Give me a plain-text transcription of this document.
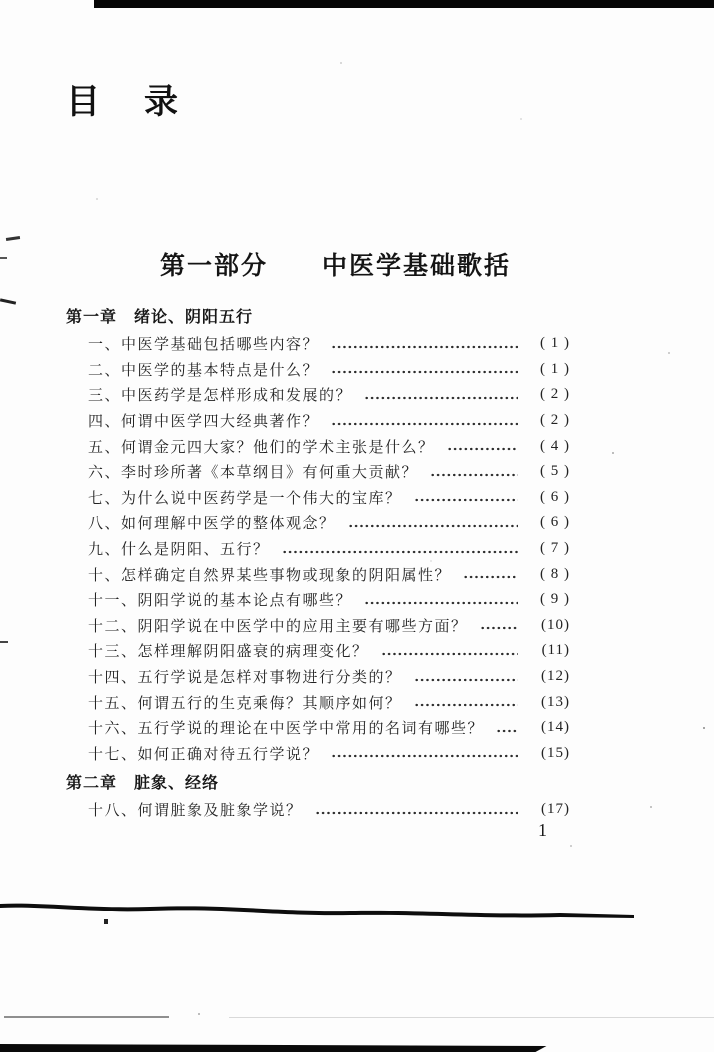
目　录
第一部分　　中医学基础歌括
第一章　绪论、阴阳五行
一、中医学基础包括哪些内容？	( 1 )
二、中医学的基本特点是什么？	( 1 )
三、中医药学是怎样形成和发展的？	( 2 )
四、何谓中医学四大经典著作？	( 2 )
五、何谓金元四大家？他们的学术主张是什么？	( 4 )
六、李时珍所著《本草纲目》有何重大贡献？	( 5 )
七、为什么说中医药学是一个伟大的宝库？	( 6 )
八、如何理解中医学的整体观念？	( 6 )
九、什么是阴阳、五行？	( 7 )
十、怎样确定自然界某些事物或现象的阴阳属性？	( 8 )
十一、阴阳学说的基本论点有哪些？	( 9 )
十二、阴阳学说在中医学中的应用主要有哪些方面？	(10)
十三、怎样理解阴阳盛衰的病理变化？	(11)
十四、五行学说是怎样对事物进行分类的？	(12)
十五、何谓五行的生克乘侮？其顺序如何？	(13)
十六、五行学说的理论在中医学中常用的名词有哪些？	(14)
十七、如何正确对待五行学说？	(15)
第二章　脏象、经络
十八、何谓脏象及脏象学说？	(17)
1
